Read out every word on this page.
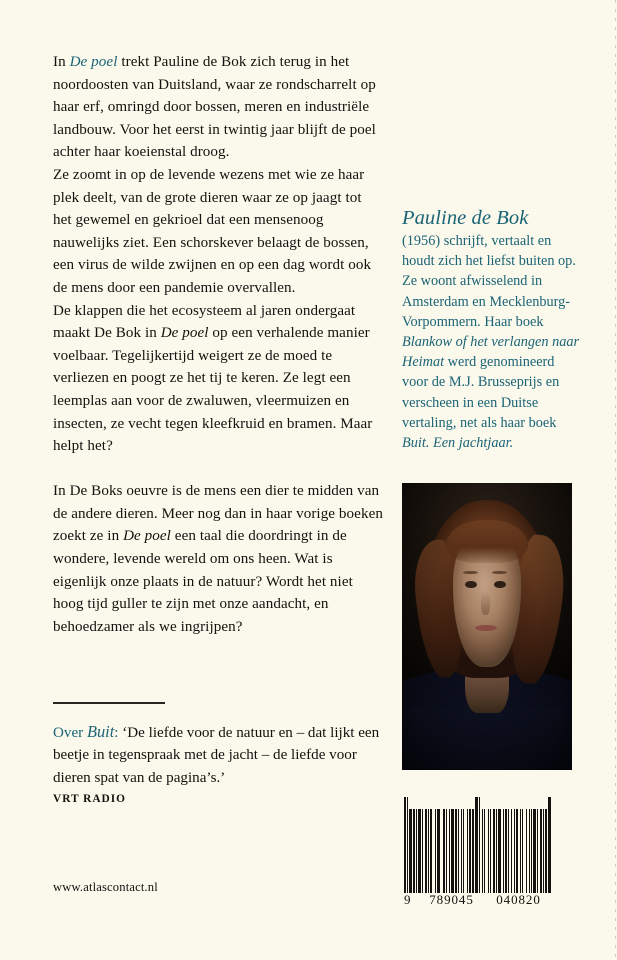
In De poel trekt Pauline de Bok zich terug in het noordoosten van Duitsland, waar ze rondscharrelt op haar erf, omringd door bossen, meren en industriële landbouw. Voor het eerst in twintig jaar blijft de poel achter haar koeienstal droog.

Ze zoomt in op de levende wezens met wie ze haar plek deelt, van de grote dieren waar ze op jaagt tot het gewemel en gekrioel dat een mensenoog nauwelijks ziet. Een schorskever belaagt de bossen, een virus de wilde zwijnen en op een dag wordt ook de mens door een pandemie overvallen.

De klappen die het ecosysteem al jaren ondergaat maakt De Bok in De poel op een verhalende manier voelbaar. Tegelijkertijd weigert ze de moed te verliezen en poogt ze het tij te keren. Ze legt een leemplas aan voor de zwaluwen, vleermuizen en insecten, ze vecht tegen kleefkruid en bramen. Maar helpt het?

In De Boks oeuvre is de mens een dier te midden van de andere dieren. Meer nog dan in haar vorige boeken zoekt ze in De poel een taal die doordringt in de wondere, levende wereld om ons heen. Wat is eigenlijk onze plaats in de natuur? Wordt het niet hoog tijd guller te zijn met onze aandacht, en behoedzamer als we ingrijpen?

Over Buit: ‘De liefde voor de natuur en – dat lijkt een beetje in tegenspraak met de jacht – de liefde voor dieren spat van de pagina’s.’

VRT RADIO
www.atlascontact.nl
Pauline de Bok

(1956) schrijft, vertaalt en houdt zich het liefst buiten op. Ze woont afwisselend in Amsterdam en Mecklenburg-Vorpommern. Haar boek Blankow of het verlangen naar Heimat werd genomineerd voor de M.J. Brusseprijs en verscheen in een Duitse vertaling, net als haar boek Buit. Een jachtjaar.

9	789045	040820
